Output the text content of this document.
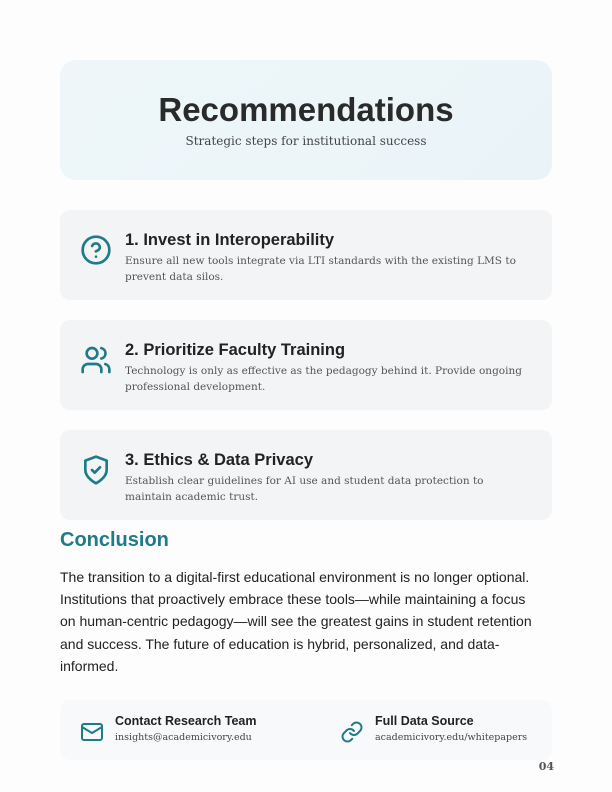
Recommendations

Strategic steps for institutional success

1. Invest in Interoperability

Ensure all new tools integrate via LTI standards with the existing LMS to prevent data silos.

2. Prioritize Faculty Training

Technology is only as effective as the pedagogy behind it. Provide ongoing professional development.

3. Ethics & Data Privacy

Establish clear guidelines for AI use and student data protection to maintain academic trust.

Conclusion

The transition to a digital-first educational environment is no longer optional. Institutions that proactively embrace these tools—while maintaining a focus on human-centric pedagogy—will see the greatest gains in student retention and success. The future of education is hybrid, personalized, and data-informed.

Contact Research Team
insights@academicivory.edu
Full Data Source
academicivory.edu/whitepapers
04
